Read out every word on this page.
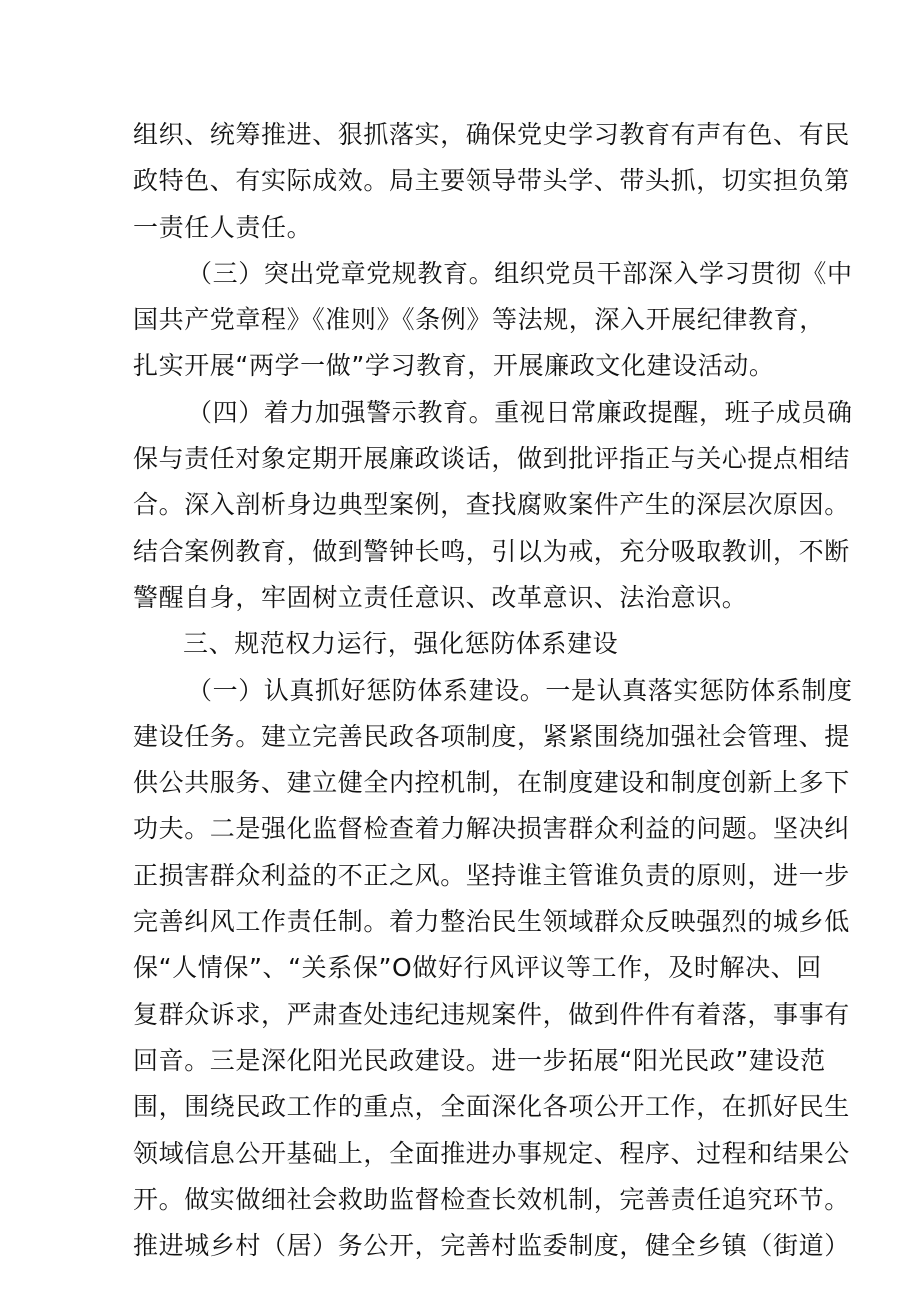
组织、统筹推进、狠抓落实，确保党史学习教育有声有色、有民
政特色、有实际成效。局主要领导带头学、带头抓，切实担负第
一责任人责任。
（三）突出党章党规教育。组织党员干部深入学习贯彻《中
国共产党章程》《准则》《条例》等法规，深入开展纪律教育，
扎实开展“两学一做”学习教育，开展廉政文化建设活动。
（四）着力加强警示教育。重视日常廉政提醒，班子成员确
保与责任对象定期开展廉政谈话，做到批评指正与关心提点相结
合。深入剖析身边典型案例，查找腐败案件产生的深层次原因。
结合案例教育，做到警钟长鸣，引以为戒，充分吸取教训，不断
警醒自身，牢固树立责任意识、改革意识、法治意识。
三、规范权力运行，强化惩防体系建设
（一）认真抓好惩防体系建设。一是认真落实惩防体系制度
建设任务。建立完善民政各项制度，紧紧围绕加强社会管理、提
供公共服务、建立健全内控机制，在制度建设和制度创新上多下
功夫。二是强化监督检查着力解决损害群众利益的问题。坚决纠
正损害群众利益的不正之风。坚持谁主管谁负责的原则，进一步
完善纠风工作责任制。着力整治民生领域群众反映强烈的城乡低
保“人情保”、“关系保”O做好行风评议等工作，及时解决、回
复群众诉求，严肃查处违纪违规案件，做到件件有着落，事事有
回音。三是深化阳光民政建设。进一步拓展“阳光民政”建设范
围，围绕民政工作的重点，全面深化各项公开工作，在抓好民生
领域信息公开基础上，全面推进办事规定、程序、过程和结果公
开。做实做细社会救助监督检查长效机制，完善责任追究环节。
推进城乡村（居）务公开，完善村监委制度，健全乡镇（街道）
